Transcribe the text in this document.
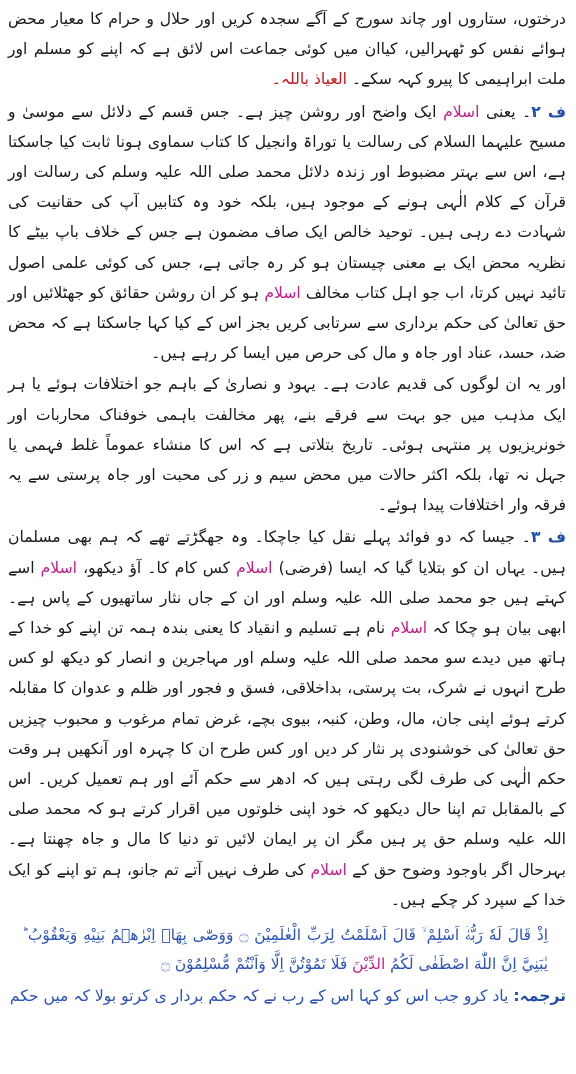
درختوں، ستاروں اور چاند سورج کے آگے سجدہ کریں اور حلال و حرام کا معیار محض ہوائے نفس کو ٹھہرالیں، کیاان میں کوئی جماعت اس لائق ہے کہ اپنے کو مسلم اور ملت ابراہیمی کا پیرو کہہ سکے۔ العیاذ باللہ۔

ف ۲۔ یعنی اسلام ایک واضح اور روشن چیز ہے۔ جس قسم کے دلائل سے موسیٰ و مسیح علیہما السلام کی رسالت یا توراۃ وانجیل کا کتاب سماوی ہونا ثابت کیا جاسکتا ہے، اس سے بہتر مضبوط اور زندہ دلائل محمد صلی اللہ علیہ وسلم کی رسالت اور قرآن کے کلام الٰہی ہونے کے موجود ہیں، بلکہ خود وہ کتابیں آپ کی حقانیت کی شہادت دے رہی ہیں۔ توحید خالص ایک صاف مضمون ہے جس کے خلاف باپ بیٹے کا نظریہ محض ایک بے معنی چیستان ہو کر رہ جاتی ہے، جس کی کوئی علمی اصول تائید نہیں کرتا، اب جو اہل کتاب مخالف اسلام ہو کر ان روشن حقائق کو جھٹلائیں اور حق تعالیٰ کی حکم برداری سے سرتابی کریں بجز اس کے کیا کہا جاسکتا ہے کہ محض ضد، حسد، عناد اور جاہ و مال کی حرص میں ایسا کر رہے ہیں۔

اور یہ ان لوگوں کی قدیم عادت ہے۔ یہود و نصاریٰ کے باہم جو اختلافات ہوئے یا ہر ایک مذہب میں جو بہت سے فرقے بنے، پھر مخالفت باہمی خوفناک محاربات اور خونریزیوں پر منتہی ہوئی۔ تاریخ بتلاتی ہے کہ اس کا منشاء عموماً غلط فہمی یا جہل نہ تھا، بلکہ اکثر حالات میں محض سیم و زر کی محبت اور جاہ پرستی سے یہ فرقہ وار اختلافات پیدا ہوئے۔

ف ۳۔ جیسا کہ دو فوائد پہلے نقل کیا جاچکا۔ وہ جھگڑتے تھے کہ ہم بھی مسلمان ہیں۔ یہاں ان کو بتلایا گیا کہ ایسا (فرضی) اسلام کس کام کا۔ آؤ دیکھو، اسلام اسے کہتے ہیں جو محمد صلی اللہ علیہ وسلم اور ان کے جاں نثار ساتھیوں کے پاس ہے۔ ابھی بیان ہو چکا کہ اسلام نام ہے تسلیم و انقیاد کا یعنی بندہ ہمہ تن اپنے کو خدا کے ہاتھ میں دیدے سو محمد صلی اللہ علیہ وسلم اور مہاجرین و انصار کو دیکھ لو کس طرح انہوں نے شرک، بت پرستی، بداخلاقی، فسق و فجور اور ظلم و عدوان کا مقابلہ کرتے ہوئے اپنی جان، مال، وطن، کنبہ، بیوی بچے، غرض تمام مرغوب و محبوب چیزیں حق تعالیٰ کی خوشنودی پر نثار کر دیں اور کس طرح ان کا چہرہ اور آنکھیں ہر وقت حکم الٰہی کی طرف لگی رہتی ہیں کہ ادھر سے حکم آئے اور ہم تعمیل کریں۔ اس کے بالمقابل تم اپنا حال دیکھو کہ خود اپنی خلوتوں میں اقرار کرتے ہو کہ محمد صلی اللہ علیہ وسلم حق پر ہیں مگر ان پر ایمان لائیں تو دنیا کا مال و جاہ چھنتا ہے۔ بہرحال اگر باوجود وضوح حق کے اسلام کی طرف نہیں آتے تم جانو، ہم تو اپنے کو ایک خدا کے سپرد کر چکے ہیں۔

اِذْ قَالَ لَهٗ رَبُّهٗۤ اَسْلِمْ ۙ قَالَ اَسْلَمْتُ لِرَبِّ الْعٰلَمِيْنَ ۝ وَوَصّٰى بِهَاۤ اِبْرٰهٖمُ بَنِيْهِ وَيَعْقُوْبُ ؕ يٰبَنِيَّ اِنَّ اللّٰهَ اصْطَفٰى لَكُمُ الدِّيْنَ فَلَا تَمُوْتُنَّ اِلَّا وَاَنْتُمْ مُّسْلِمُوْنَ ۝

ترجمہ: یاد کرو جب اس کو کہا اس کے رب نے کہ حکم بردار ی کرتو بولا کہ میں حکم
